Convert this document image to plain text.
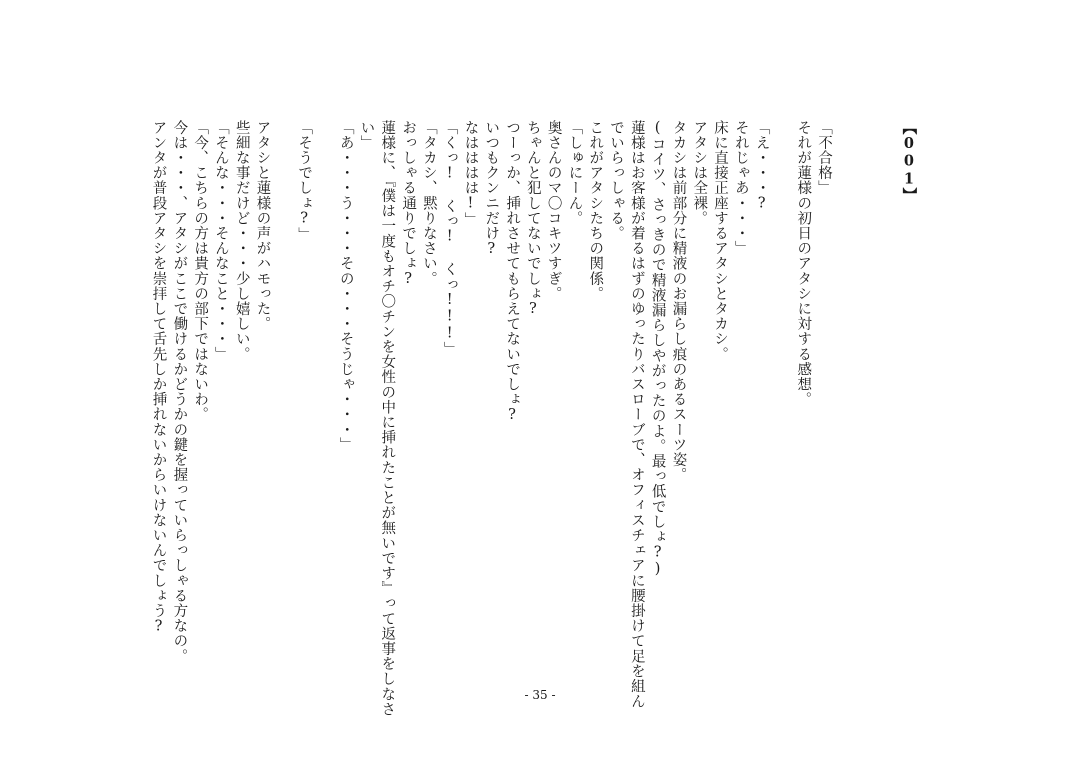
【001】

「不合格」
それが蓮様の初日のアタシに対する感想。

「え・・・?
それじゃあ・・・」
床に直接正座するアタシとタカシ。
アタシは全裸。
タカシは前部分に精液のお漏らし痕のあるスーツ姿。
(コイツ、さっきので精液漏らしやがったのよ。最っ低でしょ?)
蓮様はお客様が着るはずのゆったりバスローブで、オフィスチェアに腰掛けて足を組ん
でいらっしゃる。
これがアタシたちの関係。
「しゅにーん。
奥さんのマ〇コキツすぎ。
ちゃんと犯してないでしょ?
つーっか、挿れさせてもらえてないでしょ?
いつもクンニだけ?
なはははは!」
「くっ! くっ! くっ!!!」
「タカシ、黙りなさい。
おっしゃる通りでしょ?
蓮様に、『僕は一度もオチ〇チンを女性の中に挿れたことが無いです』って返事をしなさ
い」
「あ・・・う・・・その・・・そうじゃ・・・」

「そうでしょ?」

アタシと蓮様の声がハモった。
些細な事だけど・・・少し嬉しい。
「そんな・・・そんなこと・・・」
「今、こちらの方は貴方の部下ではないわ。
今は・・・、アタシがここで働けるかどうかの鍵を握っていらっしゃる方なの。
アンタが普段アタシを崇拝して舌先しか挿れないからいけないんでしょう?
- 35 -
